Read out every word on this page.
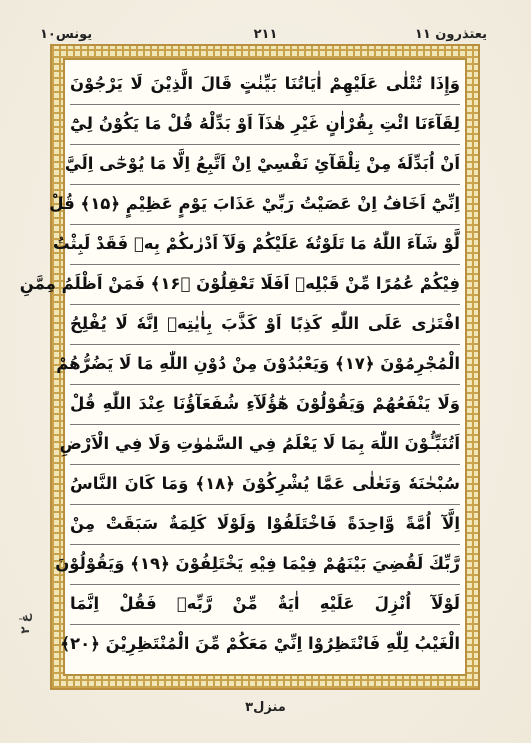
يعتذرون ١١
٢١١
يونس١٠
وَإِذَا تُتْلٰى عَلَيْهِمْ اٰيَاتُنَا بَيِّنٰتٍ قَالَ الَّذِيْنَ لَا يَرْجُوْنَ
لِقَآءَنَا ائْتِ بِقُرْاٰنٍ غَيْرِ هٰذَآ اَوْ بَدِّلْهُ قُلْ مَا يَكُوْنُ لِيْٓ
اَنْ اُبَدِّلَهٗ مِنْ تِلْقَآئِ نَفْسِيْ اِنْ اَتَّبِعُ اِلَّا مَا يُوْحٰٓى اِلَيَّ
اِنِّيْٓ اَخَافُ اِنْ عَصَيْتُ رَبِّيْ عَذَابَ يَوْمٍ عَظِيْمٍ ﴿۱۵﴾ قُلْ
لَّوْ شَآءَ اللّٰهُ مَا تَلَوْتُهٗ عَلَيْكُمْ وَلَآ اَدْرٰىكُمْ بِهٖ فَقَدْ لَبِثْتُ
فِيْكُمْ عُمُرًا مِّنْ قَبْلِهٖ اَفَلَا تَعْقِلُوْنَ ﴿۱۶﴾ فَمَنْ اَظْلَمُ مِمَّنِ
افْتَرٰى عَلَى اللّٰهِ كَذِبًا اَوْ كَذَّبَ بِاٰيٰتِهٖ اِنَّهٗ لَا يُفْلِحُ
الْمُجْرِمُوْنَ ﴿۱۷﴾ وَيَعْبُدُوْنَ مِنْ دُوْنِ اللّٰهِ مَا لَا يَضُرُّهُمْ
وَلَا يَنْفَعُهُمْ وَيَقُوْلُوْنَ هٰٓؤُلَآءِ شُفَعَآؤُنَا عِنْدَ اللّٰهِ قُلْ
اَتُنَبِّـُٔوْنَ اللّٰهَ بِمَا لَا يَعْلَمُ فِي السَّمٰوٰتِ وَلَا فِي الْاَرْضِ
سُبْحٰنَهٗ وَتَعٰلٰى عَمَّا يُشْرِكُوْنَ ﴿۱۸﴾ وَمَا كَانَ النَّاسُ
اِلَّآ اُمَّةً وَّاحِدَةً فَاخْتَلَفُوْا وَلَوْلَا كَلِمَةٌ سَبَقَتْ مِنْ
رَّبِّكَ لَقُضِيَ بَيْنَهُمْ فِيْمَا فِيْهِ يَخْتَلِفُوْنَ ﴿۱۹﴾ وَيَقُوْلُوْنَ
لَوْلَآ اُنْزِلَ عَلَيْهِ اٰيَةٌ مِّنْ رَّبِّهٖ فَقُلْ اِنَّمَا
الْغَيْبُ لِلّٰهِ فَانْتَظِرُوْا اِنِّيْ مَعَكُمْ مِّنَ الْمُنْتَظِرِيْنَ ﴿۲۰﴾
عٰ ٢
منزل٣
